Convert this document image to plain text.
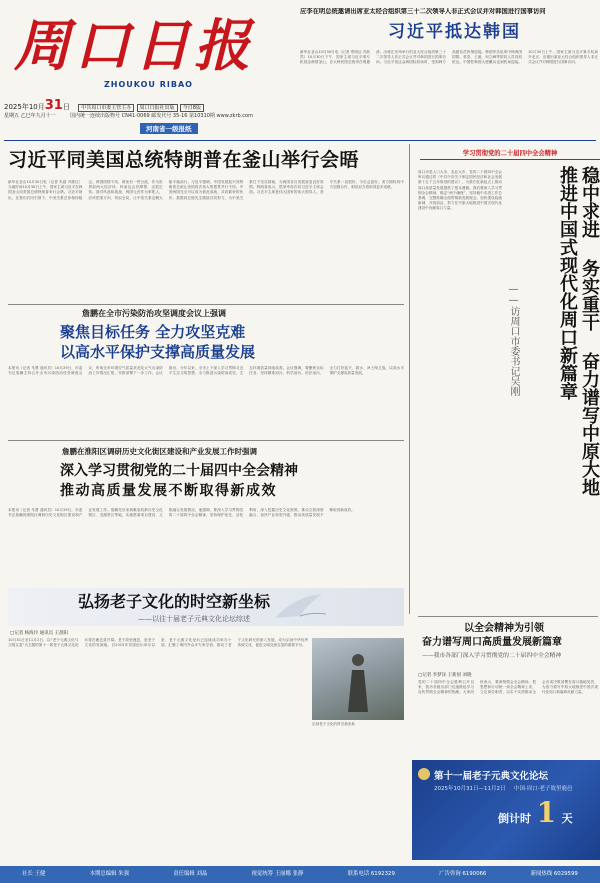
周口日报
ZHOUKOU RIBAO
2025年10月31日 中共周口市委主管主办 周口日报社出版 今日8版
星期五 乙巳年九月十一	国内统一连续出版物号 CN41-0069 邮发代号 35-16 第10310期 www.zkrb.com
河南省一级报纸
应李在明总统邀请出席亚太经合组织第三十二次领导人非正式会议并对韩国进行国事访问
习近平抵达韩国
新华社釜山10月30日电（记者 郑明达 冯歆然）10月30日下午，国家主席习近平乘专机抵达韩国釜山，应大韩民国总统李在明邀请，出席在庆州举行的亚太经合组织第三十二次领导人非正式会议并对韩国进行国事访问。习近平抵达金海国际机场时，受到韩方高级官员热情迎接。韩国军乐队奏中韩两国国歌。蔡奇、王毅、何立峰等陪同人员同机抵达。中国驻韩国大使戴兵也到机场迎接。10月30日上午，国家主席习近平乘专机离开北京，应邀出席亚太经合组织领导人非正式会议并对韩国进行国事访问。
习近平同美国总统特朗普在釜山举行会晤
新华社釜山10月30日电（记者 朱超 乔继红）当地时间10月30日上午，国家主席习近平在韩国釜山同美国总统特朗普举行会晤。习近平指出，在我们共同引领下，中美关系总体保持稳定。两国国情不同，难免有一些分歧，作为世界前两大经济体，时而也会有摩擦，这很正常。面对风浪和挑战，两国元首作为掌舵人，应该把准方向、驾驭全局，让中美关系这艘大船平稳前行。习近平强调，中国发展振兴同特朗普总统让美国再次伟大的愿景并行不悖。中美两国完全可以成为彼此成就、共同繁荣的伙伴。我愿同总统先生继续共同努力，为中美关系打下坚实基础，为两国各自发展营造良好氛围。特朗普表示，很荣幸再次同习近平主席会面。习近平主席是伟大国家的伟大领导人。美中关系一直很好，今后会更好。美方期待同中方加强合作，相信双方将取得更多成就。
学习贯彻党的二十届四中全会精神
稳中求进 务实重干 奋力谱写中原大地推进中国式现代化周口新篇章
——访周口市委书记吴刚
周口市是人口大市、农业大市，党的二十届四中全会审议通过的《中共中央关于制定国民经济和社会发展第十五个五年规划的建议》，为我们在新起点上推动周口高质量发展提供了根本遵循。我们要深入学习贯彻全会精神，锚定“两个确保”，坚持稳中求进工作总基调，完整准确全面贯彻新发展理念，加快建设临港新城、开放前沿，努力在中原大地推进中国式现代化建设中贡献周口力量。
詹鹏在全市污染防治攻坚调度会议上强调
聚焦目标任务 全力攻坚克难
以高水平保护支撑高质量发展
本报讯（记者 朱勇 通讯员）10月29日，市委书记詹鹏主持召开全市污染防治攻坚调度会议，听取全市环境空气质量状况及大气污染防治工作情况汇报，安排部署下一步工作。会议指出，今年以来，全市上下深入学习贯彻习近平生态文明思想，全力推进污染防治攻坚，生态环境质量持续改善。会议强调，要聚焦目标任务，坚持精准治污、科学治污、依法治污，全力打好蓝天、碧水、净土保卫战，以高水平保护支撑高质量发展。
詹鹏在淮阳区调研历史文化街区建设和产业发展工作时强调
深入学习贯彻党的二十届四中全会精神
推动高质量发展不断取得新成效
本报讯（记者 朱勇 通讯员）10月29日，市委书记詹鹏到淮阳区调研历史文化街区建设和产业发展工作。詹鹏先后来到羲皇故都历史文化街区、龙湖景区等地，实地察看项目建设、文旅融合发展情况。他强调，要深入学习贯彻党的二十届四中全会精神，坚持保护优先、活化利用，深入挖掘历史文化资源，推动文旅深度融合，加快产业转型升级，推动高质量发展不断取得新成效。
以全会精神为引领
奋力谱写周口高质量发展新篇章
——我市各部门深入学习贯彻党的二十届四中全会精神
□记者 李梦泽 王新国 刘晓
党的二十届四中全会胜利召开以来，我市各级各部门迅速掀起学习宣传贯彻全会精神的热潮。大家纷纷表示，要深刻领会全会精神，把思想和行动统一到全会精神上来，立足岗位职责，以实干实绩推动全会各项决策部署在周口落地见效，为奋力谱写中原大地推进中国式现代化周口新篇章贡献力量。
弘扬老子文化的时空新坐标
——以往十届老子元典文化论坛综述
□记者 杨海玲 通讯员 王晨阳
10月31日至11月2日，以“老子元典文化与文明互鉴”为主题的第十一届老子元典文化论坛将在鹿邑县开幕。老子故里鹿邑，是老子文化的发源地。自2015年首届论坛举办以来，老子元典文化论坛已连续成功举办十届，汇聚了海内外众多专家学者，推动了老子文化研究的深入发展，成为弘扬中华优秀传统文化、促进文明交流互鉴的重要平台。
弘扬老子文化的时空新坐标
第十一届老子元典文化论坛
2025年10月31日—11月2日 中国·周口·老子故里鹿邑
倒计时 1 天
社长 王健	本期总编辑 朱强	责任编辑 刘晶	视觉统筹 王丽娜 张静	联系电话 6192329	广告咨询 6190066	新闻热线 6029599
